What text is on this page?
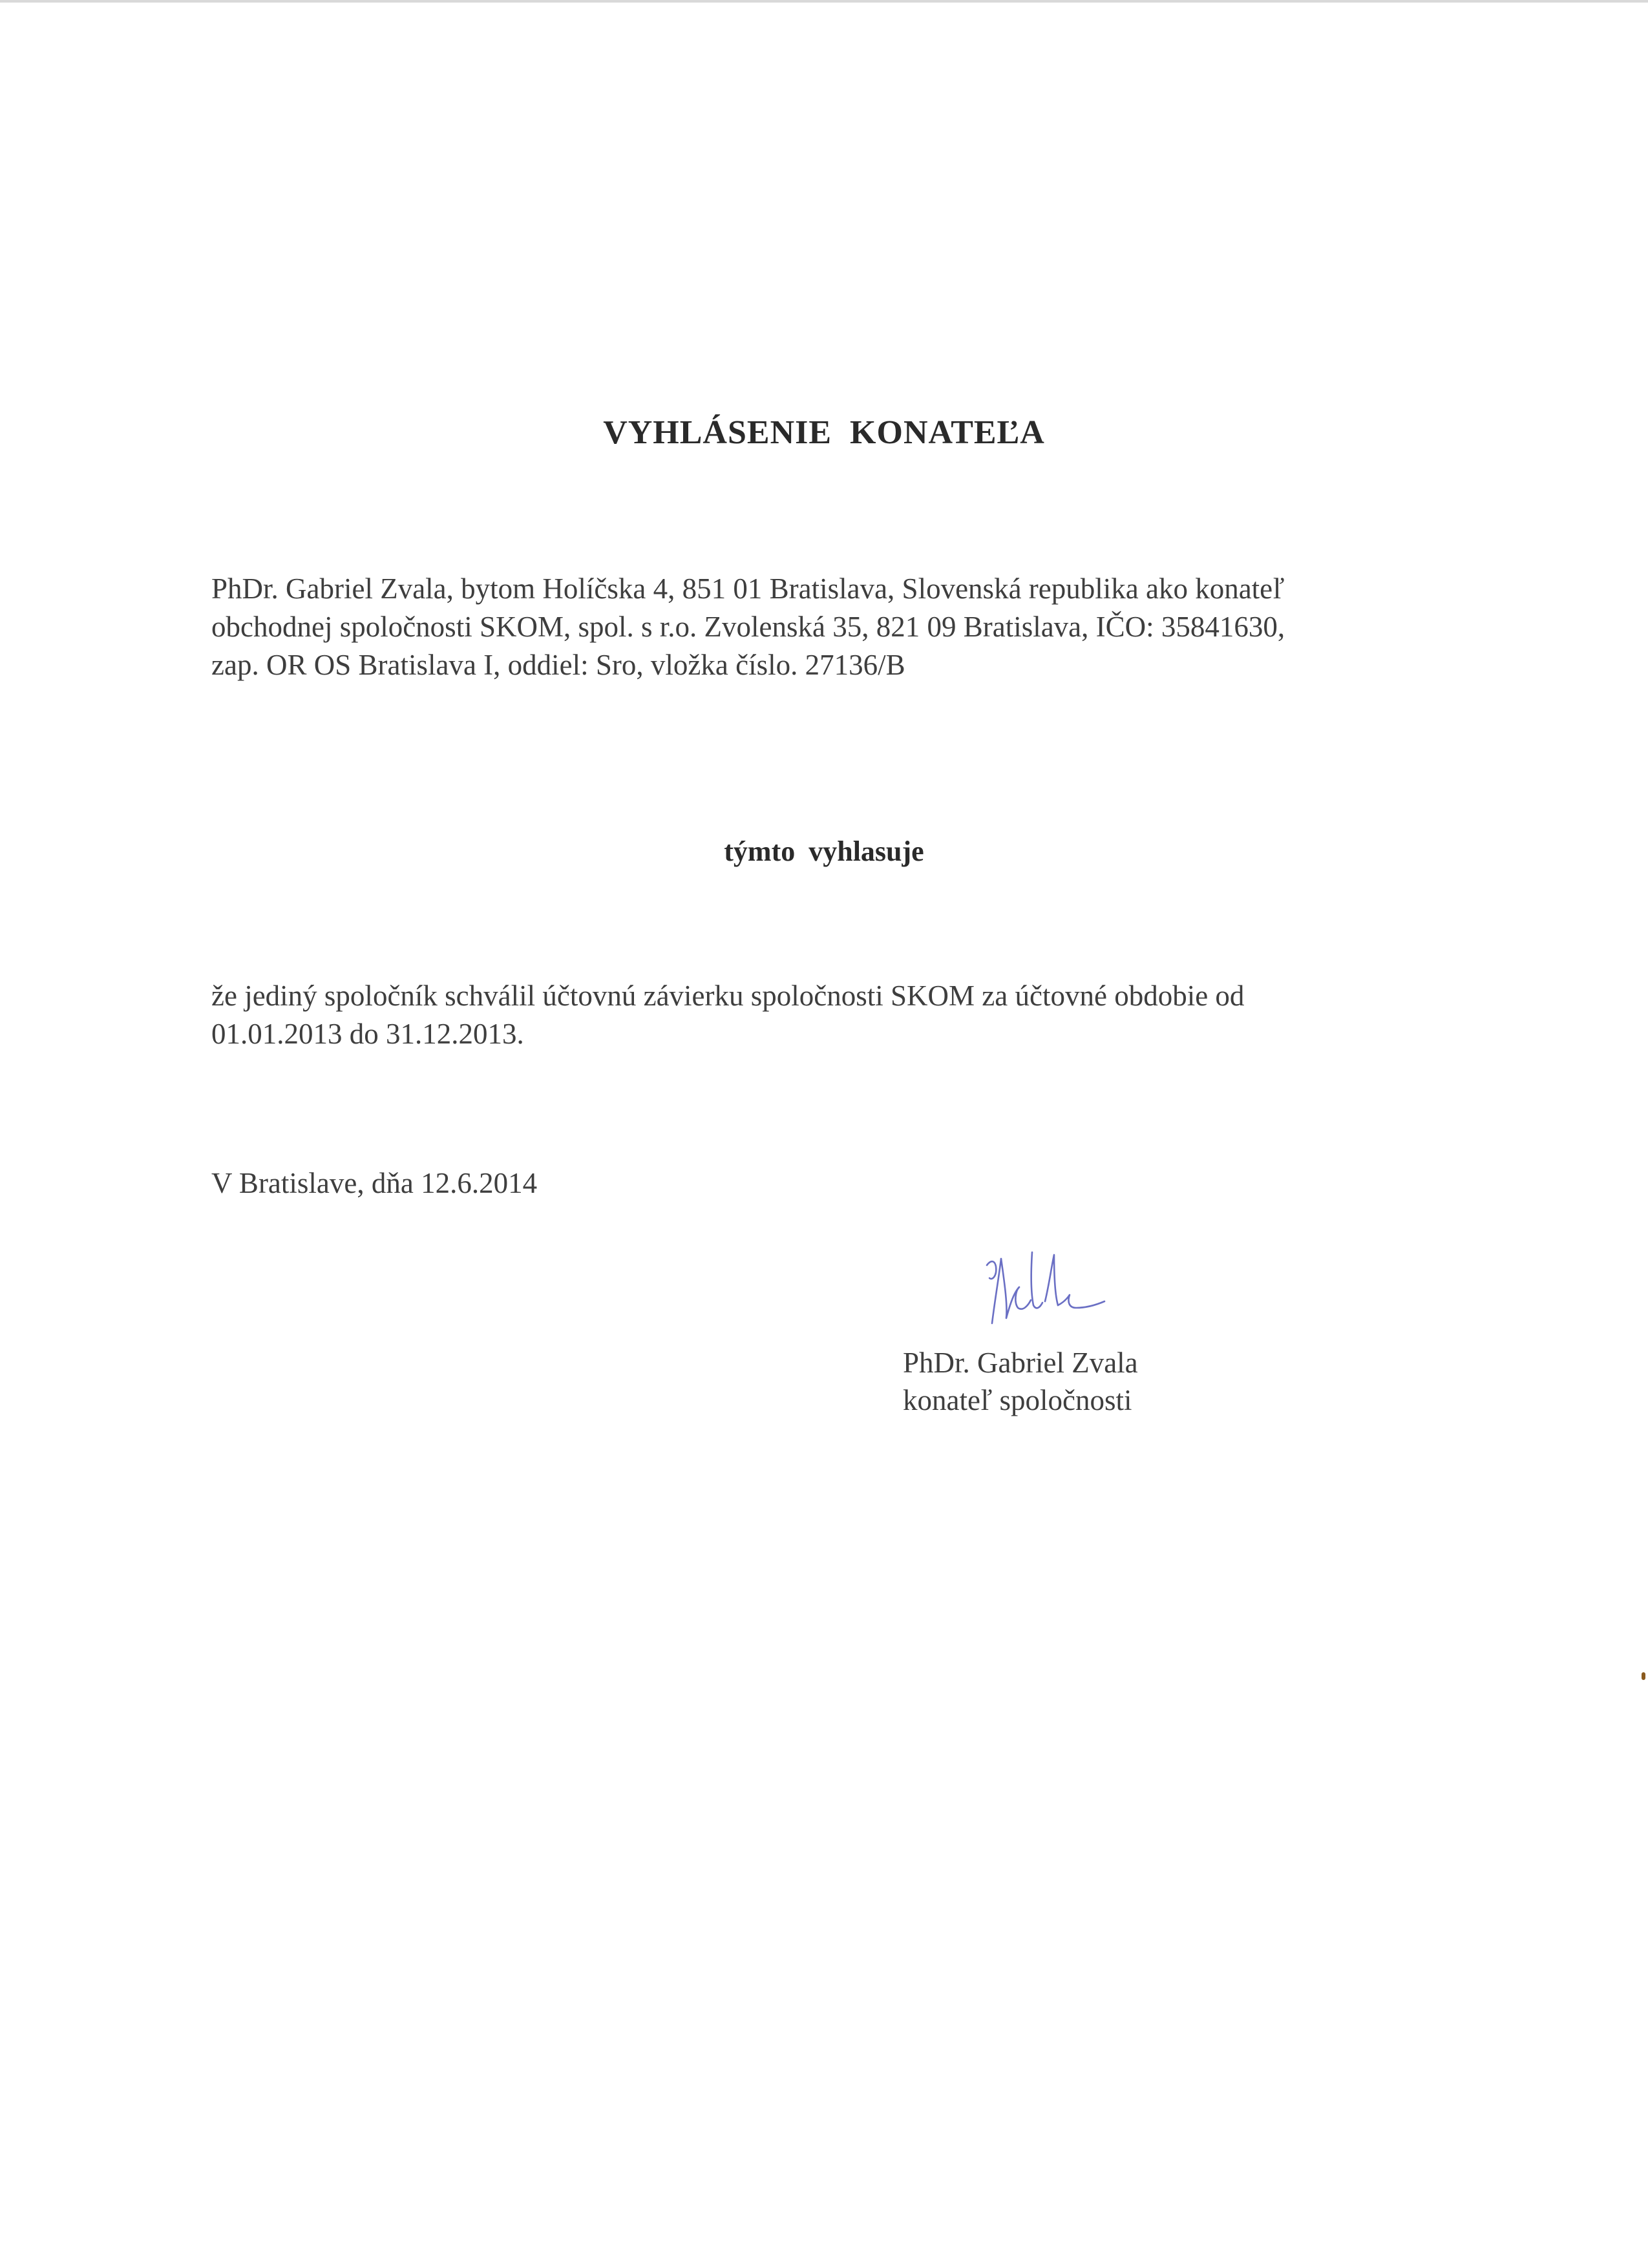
VYHLÁSENIE KONATEĽA
PhDr. Gabriel Zvala, bytom Holíčska 4, 851 01 Bratislava, Slovenská republika ako konateľ
obchodnej spoločnosti SKOM, spol. s r.o. Zvolenská 35, 821 09 Bratislava, IČO: 35841630,
zap. OR OS Bratislava I, oddiel: Sro, vložka číslo. 27136/B
týmto vyhlasuje
že jediný spoločník schválil účtovnú závierku spoločnosti SKOM za účtovné obdobie od
01.01.2013 do 31.12.2013.
V Bratislave, dňa 12.6.2014
PhDr. Gabriel Zvala
konateľ spoločnosti
